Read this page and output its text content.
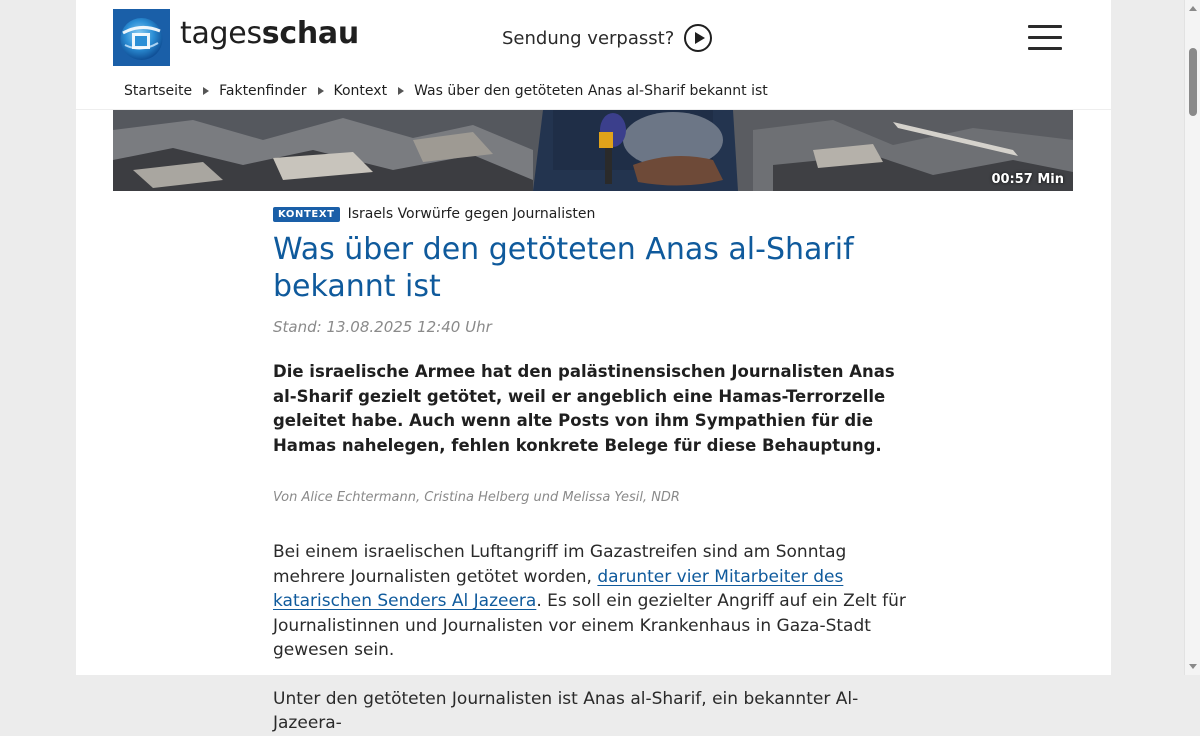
tagesschau	Sendung verpasst?
Startseite Faktenfinder Kontext Was über den getöteten Anas al-Sharif bekannt ist
00:57 Min
KONTEXT Israels Vorwürfe gegen Journalisten
Was über den getöteten Anas al-Sharif bekannt ist
Stand: 13.08.2025 12:40 Uhr

Die israelische Armee hat den palästinensischen Journalisten Anas al-Sharif gezielt getötet, weil er angeblich eine Hamas-Terrorzelle geleitet habe. Auch wenn alte Posts von ihm Sympathien für die Hamas nahelegen, fehlen konkrete Belege für diese Behauptung.

Von Alice Echtermann, Cristina Helberg und Melissa Yesil, NDR

Bei einem israelischen Luftangriff im Gazastreifen sind am Sonntag mehrere Journalisten getötet worden, darunter vier Mitarbeiter des katarischen Senders Al Jazeera. Es soll ein gezielter Angriff auf ein Zelt für Journalistinnen und Journalisten vor einem Krankenhaus in Gaza-Stadt gewesen sein.

Unter den getöteten Journalisten ist Anas al-Sharif, ein bekannter Al-Jazeera-
